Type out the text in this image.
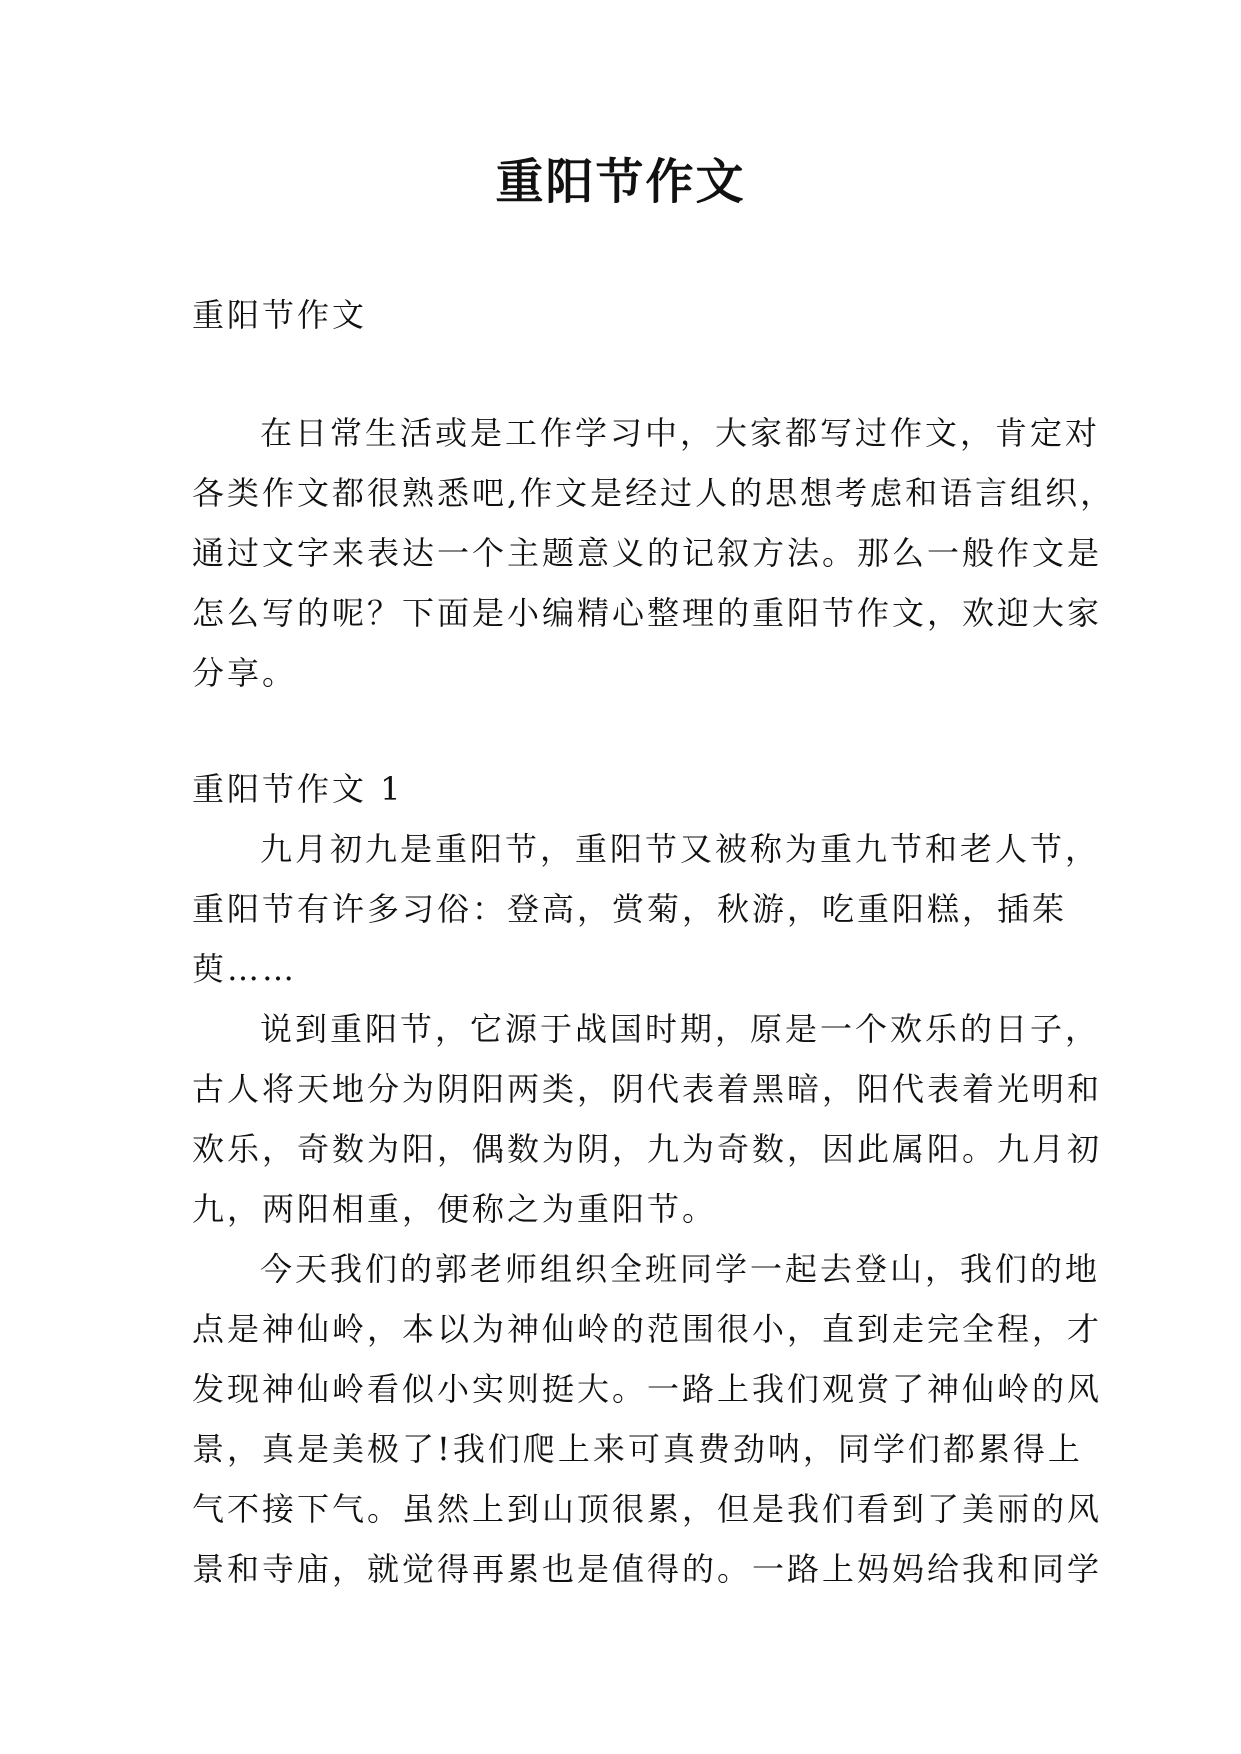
重阳节作文

重阳节作文

在日常生活或是工作学习中，大家都写过作文，肯定对

各类作文都很熟悉吧,作文是经过人的思想考虑和语言组织，

通过文字来表达一个主题意义的记叙方法。那么一般作文是

怎么写的呢？下面是小编精心整理的重阳节作文，欢迎大家

分享。

重阳节作文 1

九月初九是重阳节，重阳节又被称为重九节和老人节，

重阳节有许多习俗：登高，赏菊，秋游，吃重阳糕，插茱

萸……

说到重阳节，它源于战国时期，原是一个欢乐的日子，

古人将天地分为阴阳两类，阴代表着黑暗，阳代表着光明和

欢乐，奇数为阳，偶数为阴，九为奇数，因此属阳。九月初

九，两阳相重，便称之为重阳节。

今天我们的郭老师组织全班同学一起去登山，我们的地

点是神仙岭，本以为神仙岭的范围很小，直到走完全程，才

发现神仙岭看似小实则挺大。一路上我们观赏了神仙岭的风

景，真是美极了!我们爬上来可真费劲呐，同学们都累得上

气不接下气。虽然上到山顶很累，但是我们看到了美丽的风

景和寺庙，就觉得再累也是值得的。一路上妈妈给我和同学
